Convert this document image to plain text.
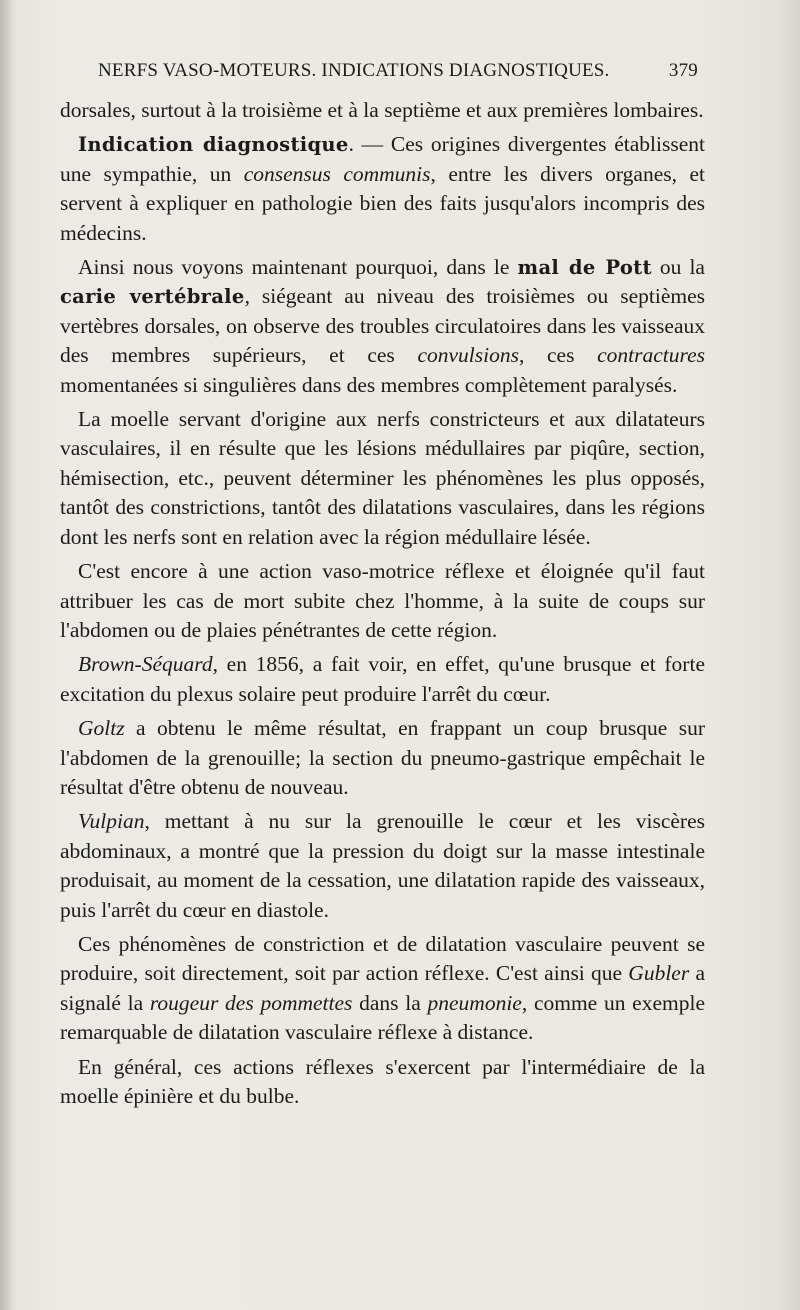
NERFS VASO-MOTEURS. INDICATIONS DIAGNOSTIQUES.	379

dorsales, surtout à la troisième et à la septième et aux premières lombaires.

Indication diagnostique. — Ces origines divergentes établissent une sympathie, un consensus communis, entre les divers organes, et servent à expliquer en pathologie bien des faits jusqu'alors incompris des médecins.

Ainsi nous voyons maintenant pourquoi, dans le mal de Pott ou la carie vertébrale, siégeant au niveau des troisièmes ou septièmes vertèbres dorsales, on observe des troubles circulatoires dans les vaisseaux des membres supérieurs, et ces convulsions, ces contractures momentanées si singulières dans des membres complètement paralysés.

La moelle servant d'origine aux nerfs constricteurs et aux dilatateurs vasculaires, il en résulte que les lésions médullaires par piqûre, section, hémisection, etc., peuvent déterminer les phénomènes les plus opposés, tantôt des constrictions, tantôt des dilatations vasculaires, dans les régions dont les nerfs sont en relation avec la région médullaire lésée.

C'est encore à une action vaso-motrice réflexe et éloignée qu'il faut attribuer les cas de mort subite chez l'homme, à la suite de coups sur l'abdomen ou de plaies pénétrantes de cette région.

Brown-Séquard, en 1856, a fait voir, en effet, qu'une brusque et forte excitation du plexus solaire peut produire l'arrêt du cœur.

Goltz a obtenu le même résultat, en frappant un coup brusque sur l'abdomen de la grenouille; la section du pneumo-gastrique empêchait le résultat d'être obtenu de nouveau.

Vulpian, mettant à nu sur la grenouille le cœur et les viscères abdominaux, a montré que la pression du doigt sur la masse intestinale produisait, au moment de la cessation, une dilatation rapide des vaisseaux, puis l'arrêt du cœur en diastole.

Ces phénomènes de constriction et de dilatation vasculaire peuvent se produire, soit directement, soit par action réflexe. C'est ainsi que Gubler a signalé la rougeur des pommettes dans la pneumonie, comme un exemple remarquable de dilatation vasculaire réflexe à distance.

En général, ces actions réflexes s'exercent par l'intermédiaire de la moelle épinière et du bulbe.
